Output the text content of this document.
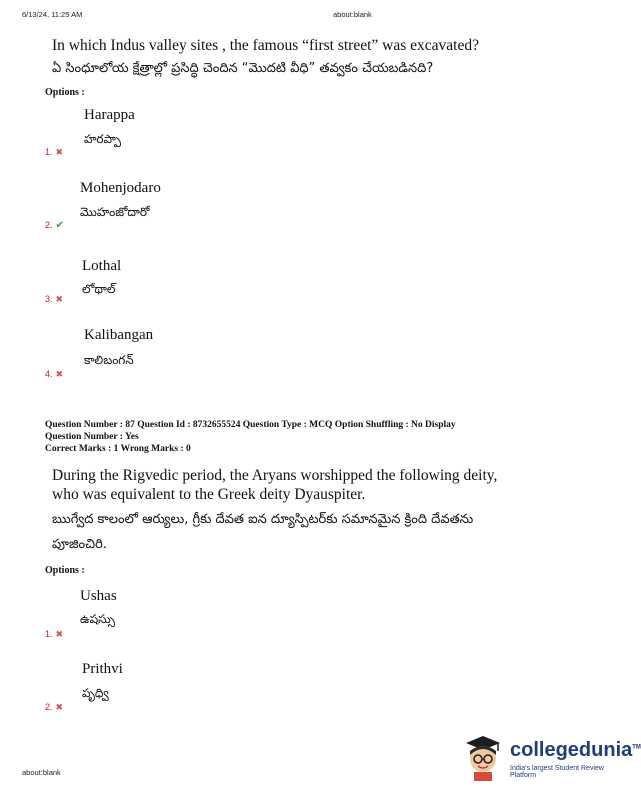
6/13/24, 11:25 AM	about:blank
about:blank
In which Indus valley sites , the famous “first street” was excavated?
ఏ సింధూలోయ క్షేత్రాల్లో ప్రసిద్ధి చెందిన “మొదటి వీధి” తవ్వకం చేయబడినది?
Options :
Harappa
హరప్పా
1. ✖
Mohenjodaro
మొహంజోదారో
2. ✔
Lothal
లోథాల్
3. ✖
Kalibangan
కాలిబంగన్
4. ✖
Question Number : 87 Question Id : 8732655524 Question Type : MCQ Option Shuffling : No Display
Question Number : Yes
Correct Marks : 1 Wrong Marks : 0
During the Rigvedic period, the Aryans worshipped the following deity,
who was equivalent to the Greek deity Dyauspiter.
ఋగ్వేద కాలంలో ఆర్యులు, గ్రీకు దేవత ఐన ద్యూస్పిటర్‌కు సమానమైన క్రింది దేవతను
పూజించిరి.
Options :
Ushas
ఉషస్సు
1. ✖
Prithvi
పృధ్వి
2. ✖
collegedunia™
India's largest Student Review Platform
